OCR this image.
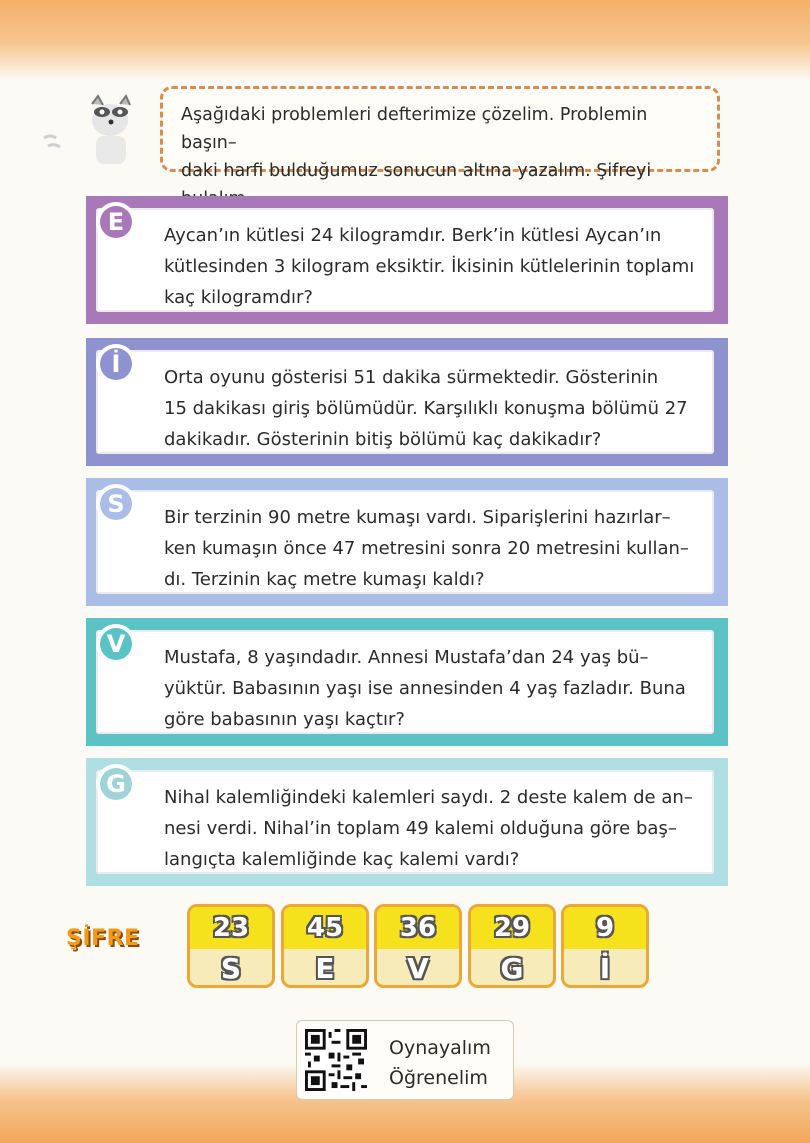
Aşağıdaki problemleri defterimize çözelim. Problemin başın–

daki harfi bulduğumuz sonucun altına yazalım. Şifreyi

Aycan’ın kütlesi 24 kilogramdır. Berk’in kütlesi Aycan’ın

kütlesinden 3 kilogram eksiktir. İkisinin kütlelerinin toplamı

kaç kilogramdır?

E

Orta oyunu gösterisi 51 dakika sürmektedir. Gösterinin

15 dakikası giriş bölümüdür. Karşılıklı konuşma bölümü 27

dakikadır. Gösterinin bitiş bölümü kaç dakikadır?

İ

Bir terzinin 90 metre kumaşı vardı. Siparişlerini hazırlar–

ken kumaşın önce 47 metresini sonra 20 metresini kullan–

dı. Terzinin kaç metre kumaşı kaldı?

S

Mustafa, 8 yaşındadır. Annesi Mustafa’dan 24 yaş bü–

yüktür. Babasının yaşı ise annesinden 4 yaş fazladır. Buna

göre babasının yaşı kaçtır?

V

Nihal kalemliğindeki kalemleri saydı. 2 deste kalem de an–

nesi verdi. Nihal’in toplam 49 kalemi olduğuna göre baş–

langıçta kalemliğinde kaç kalemi vardı?

G
ŞİFRE	23
S
45
E
36
V
29
G
9
İ
Oynayalım
Öğrenelim
